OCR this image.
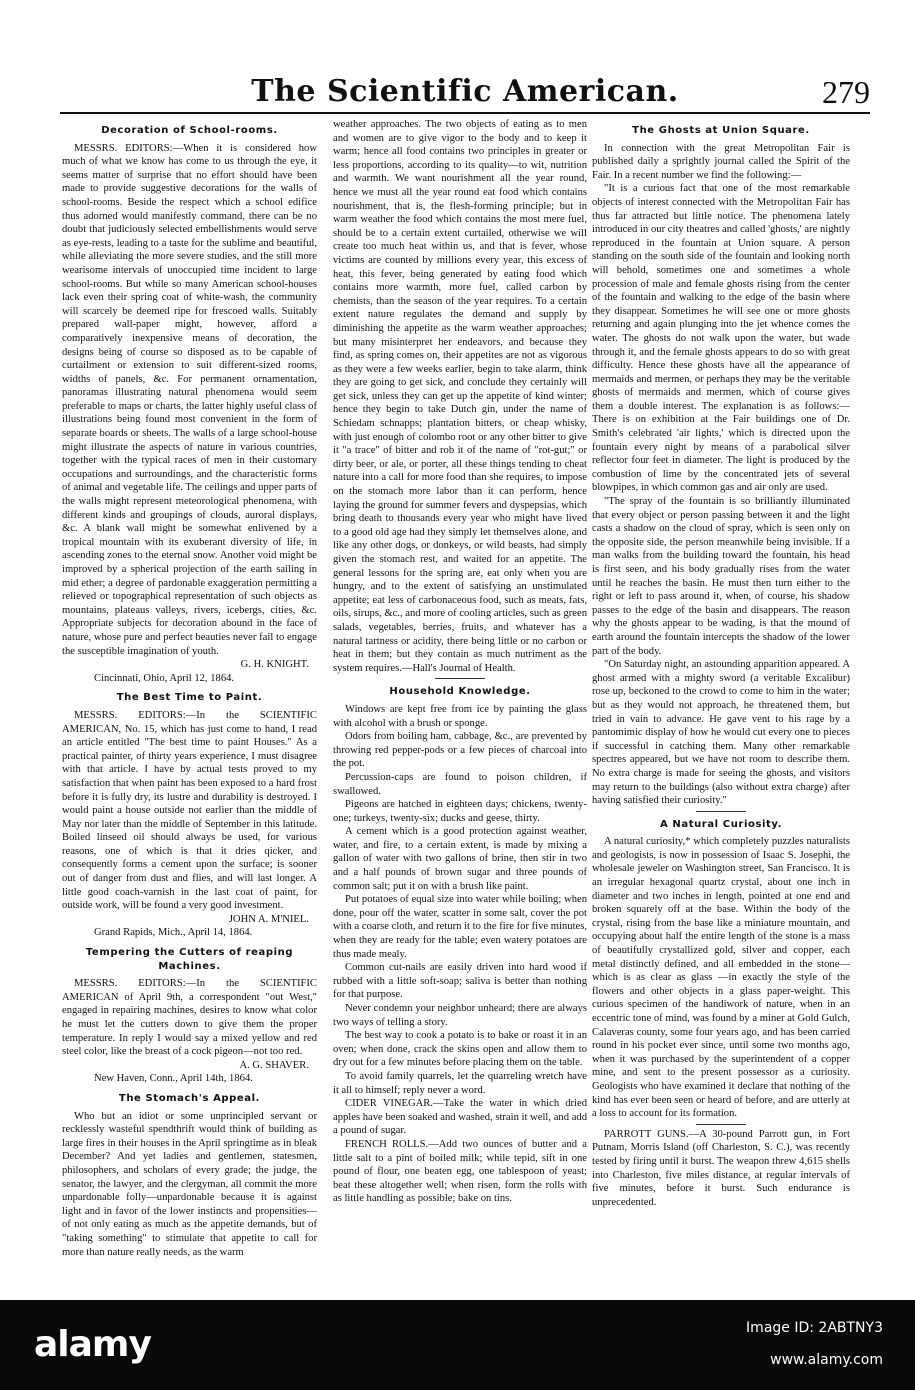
The Scientific American.	279
Decoration of School-rooms.

MESSRS. EDITORS:—When it is considered how much of what we know has come to us through the eye, it seems matter of surprise that no effort should have been made to provide suggestive decorations for the walls of school-rooms. Beside the respect which a school edifice thus adorned would manifestly command, there can be no doubt that judiciously selected embellishments would serve as eye-rests, leading to a taste for the sublime and beautiful, while alleviating the more severe studies, and the still more wearisome intervals of unoccupied time incident to large school-rooms. But while so many American school-houses lack even their spring coat of white-wash, the community will scarcely be deemed ripe for frescoed walls. Suitably prepared wall-paper might, however, afford a comparatively inexpensive means of decoration, the designs being of course so disposed as to be capable of curtailment or extension to suit different-sized rooms, widths of panels, &c. For permanent ornamentation, panoramas illustrating natural phenomena would seem preferable to maps or charts, the latter highly useful class of illustrations being found most convenient in the form of separate boards or sheets. The walls of a large school-house might illustrate the aspects of nature in various countries, together with the typical races of men in their customary occupations and surroundings, and the characteristic forms of animal and vegetable life. The ceilings and upper parts of the walls might represent meteorological phenomena, with different kinds and groupings of clouds, auroral displays, &c. A blank wall might be somewhat enlivened by a tropical mountain with its exuberant diversity of life, in ascending zones to the eternal snow. Another void might be improved by a spherical projection of the earth sailing in mid ether; a degree of pardonable exaggeration permitting a relieved or topographical representation of such objects as mountains, plateaus valleys, rivers, icebergs, cities, &c. Appropriate subjects for decoration abound in the face of nature, whose pure and perfect beauties never fail to engage the susceptible imagination of youth.

G. H. KNIGHT.

Cincinnati, Ohio, April 12, 1864.

The Best Time to Paint.

MESSRS. EDITORS:—In the SCIENTIFIC AMERICAN, No. 15, which has just come to hand, I read an article entitled "The best time to paint Houses." As a practical painter, of thirty years experience, I must disagree with that article. I have by actual tests proved to my satisfaction that when paint has been exposed to a hard frost before it is fully dry, its lustre and durability is destroyed. I would paint a house outside not earlier than the middle of May nor later than the middle of September in this latitude. Boiled linseed oil should always be used, for various reasons, one of which is that it dries qicker, and consequently forms a cement upon the surface; is sooner out of danger from dust and flies, and will last longer. A little good coach-varnish in the last coat of paint, for outside work, will be found a very good investment.

JOHN A. M'NIEL.

Grand Rapids, Mich., April 14, 1864.

Tempering the Cutters of reaping Machines.

MESSRS. EDITORS:—In the SCIENTIFIC AMERICAN of April 9th, a correspondent "out West," engaged in repairing machines, desires to know what color he must let the cutters down to give them the proper temperature. In reply I would say a mixed yellow and red steel color, like the breast of a cock pigeon—not too red.

A. G. SHAVER.

New Haven, Conn., April 14th, 1864.

The Stomach's Appeal.

Who but an idiot or some unprincipled servant or recklessly wasteful spendthrift would think of building as large fires in their houses in the April springtime as in bleak December? And yet ladies and gentlemen, statesmen, philosophers, and scholars of every grade; the judge, the senator, the lawyer, and the clergyman, all commit the more unpardonable folly—unpardonable because it is against light and in favor of the lower instincts and propensities—of not only eating as much as the appetite demands, but of "taking something" to stimulate that appetite to call for more than nature really needs, as the warm

weather approaches. The two objects of eating as to men and women are to give vigor to the body and to keep it warm; hence all food contains two principles in greater or less proportions, according to its quality—to wit, nutrition and warmth. We want nourishment all the year round, hence we must all the year round eat food which contains nourishment, that is, the flesh-forming principle; but in warm weather the food which contains the most mere fuel, should be to a certain extent curtailed, otherwise we will create too much heat within us, and that is fever, whose victims are counted by millions every year, this excess of heat, this fever, being generated by eating food which contains more warmth, more fuel, called carbon by chemists, than the season of the year requires. To a certain extent nature regulates the demand and supply by diminishing the appetite as the warm weather approaches; but many misinterpret her endeavors, and because they find, as spring comes on, their appetites are not as vigorous as they were a few weeks earlier, begin to take alarm, think they are going to get sick, and conclude they certainly will get sick, unless they can get up the appetite of kind winter; hence they begin to take Dutch gin, under the name of Schiedam schnapps; plantation bitters, or cheap whisky, with just enough of colombo root or any other bitter to give it "a trace" of bitter and rob it of the name of "rot-gut;" or dirty beer, or ale, or porter, all these things tending to cheat nature into a call for more food than she requires, to impose on the stomach more labor than it can perform, hence laying the ground for summer fevers and dyspepsias, which bring death to thousands every year who might have lived to a good old age had they simply let themselves alone, and like any other dogs, or donkeys, or wild beasts, had simply given the stomach rest, and waited for an appetite. The general lessons for the spring are, eat only when you are hungry, and to the extent of satisfying an unstimulated appetite; eat less of carbonaceous food, such as meats, fats, oils, sirups, &c., and more of cooling articles, such as green salads, vegetables, berries, fruits, and whatever has a natural tartness or acidity, there being little or no carbon or heat in them; but they contain as much nutriment as the system requires.—Hall's Journal of Health.

Household Knowledge.

Windows are kept free from ice by painting the glass with alcohol with a brush or sponge.

Odors from boiling ham, cabbage, &c., are prevented by throwing red pepper-pods or a few pieces of charcoal into the pot.

Percussion-caps are found to poison children, if swallowed.

Pigeons are hatched in eighteen days; chickens, twenty-one; turkeys, twenty-six; ducks and geese, thirty.

A cement which is a good protection against weather, water, and fire, to a certain extent, is made by mixing a gallon of water with two gallons of brine, then stir in two and a half pounds of brown sugar and three pounds of common salt; put it on with a brush like paint.

Put potatoes of equal size into water while boiling; when done, pour off the water, scatter in some salt, cover the pot with a coarse cloth, and return it to the fire for five minutes, when they are ready for the table; even watery potatoes are thus made mealy.

Common cut-nails are easily driven into hard wood if rubbed with a little soft-soap; saliva is better than nothing for that purpose.

Never condemn your neighbor unheard; there are always two ways of telling a story.

The best way to cook a potato is to bake or roast it in an oven; when done, crack the skins open and allow them to dry out for a few minutes before placing them on the table.

To avoid family quarrels, let the quarreling wretch have it all to himself; reply never a word.

CIDER VINEGAR.—Take the water in which dried apples have been soaked and washed, strain it well, and add a pound of sugar.

FRENCH ROLLS.—Add two ounces of butter and a little salt to a pint of boiled milk; while tepid, sift in one pound of flour, one beaten egg, one tablespoon of yeast; beat these altogether well; when risen, form the rolls with as little handling as possible; bake on tins.

The Ghosts at Union Square.

In connection with the great Metropolitan Fair is published daily a sprightly journal called the Spirit of the Fair. In a recent number we find the following:—

"It is a curious fact that one of the most remarkable objects of interest connected with the Metropolitan Fair has thus far attracted but little notice. The phenomena lately introduced in our city theatres and called 'ghosts,' are nightly reproduced in the fountain at Union square. A person standing on the south side of the fountain and looking north will behold, sometimes one and sometimes a whole procession of male and female ghosts rising from the center of the fountain and walking to the edge of the basin where they disappear. Sometimes he will see one or more ghosts returning and again plunging into the jet whence comes the water. The ghosts do not walk upon the water, but wade through it, and the female ghosts appears to do so with great difficulty. Hence these ghosts have all the appearance of mermaids and mermen, or perhaps they may be the veritable ghosts of mermaids and mermen, which of course gives them a double interest. The explanation is as follows:—There is on exhibition at the Fair buildings one of Dr. Smith's celebrated 'air lights,' which is directed upon the fountain every night by means of a parabolical silver reflector four feet in diameter. The light is produced by the combustion of lime by the concentrated jets of several blowpipes, in which common gas and air only are used.

"The spray of the fountain is so brilliantly illuminated that every object or person passing between it and the light casts a shadow on the cloud of spray, which is seen only on the opposite side, the person meanwhile being invisible. If a man walks from the building toward the fountain, his head is first seen, and his body gradually rises from the water until he reaches the basin. He must then turn either to the right or left to pass around it, when, of course, his shadow passes to the edge of the basin and disappears. The reason why the ghosts appear to be wading, is that the mound of earth around the fountain intercepts the shadow of the lower part of the body.

"On Saturday night, an astounding apparition appeared. A ghost armed with a mighty sword (a veritable Excalibur) rose up, beckoned to the crowd to come to him in the water; but as they would not approach, he threatened them, but tried in vain to advance. He gave vent to his rage by a pantomimic display of how he would cut every one to pieces if successful in catching them. Many other remarkable spectres appeared, but we have not room to describe them. No extra charge is made for seeing the ghosts, and visitors may return to the buildings (also without extra charge) after having satisfied their curiosity."

A Natural Curiosity.

A natural curiosity,* which completely puzzles naturalists and geologists, is now in possession of Isaac S. Josephi, the wholesale jeweler on Washington street, San Francisco. It is an irregular hexagonal quartz crystal, about one inch in diameter and two inches in length, pointed at one end and broken squarely off at the base. Within the body of the crystal, rising from the base like a miniature mountain, and occupying about half the entire length of the stone is a mass of beautifully crystallized gold, silver and copper, each metal distinctly defined, and all embedded in the stone—which is as clear as glass —in exactly the style of the flowers and other objects in a glass paper-weight. This curious specimen of the handiwork of nature, when in an eccentric tone of mind, was found by a miner at Gold Gulch, Calaveras county, some four years ago, and has been carried round in his pocket ever since, until some two months ago, when it was purchased by the superintendent of a copper mine, and sent to the present possessor as a curiosity. Geologists who have examined it declare that nothing of the kind has ever been seen or heard of before, and are utterly at a loss to account for its formation.

PARROTT GUNS.—A 30-pound Parrott gun, in Fort Putnam, Morris Island (off Charleston, S. C.), was recently tested by firing until it burst. The weapon threw 4,615 shells into Charleston, five miles distance, at regular intervals of five minutes, before it burst. Such endurance is unprecedented.

alamy	Image ID: 2ABTNY3
www.alamy.com
